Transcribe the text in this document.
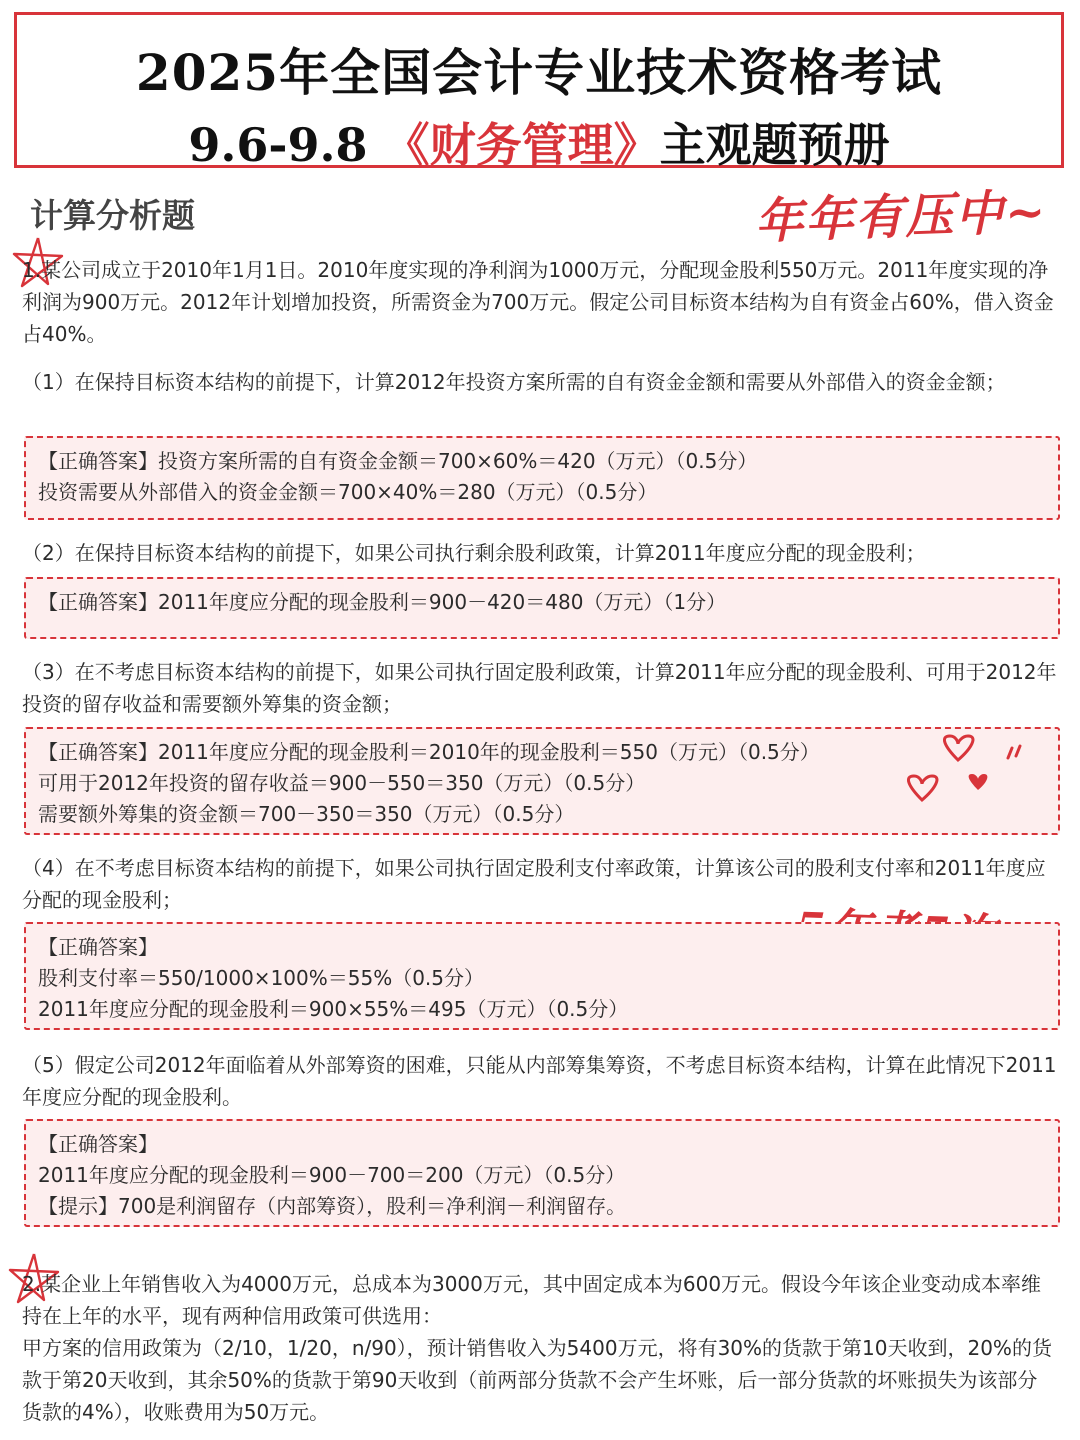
2025年全国会计专业技术资格考试
9.6-9.8 《财务管理》主观题预册
计算分析题	年年有压中~
1.某公司成立于2010年1月1日。2010年度实现的净利润为1000万元，分配现金股利550万元。2011年度实现的净利润为900万元。2012年计划增加投资，所需资金为700万元。假定公司目标资本结构为自有资金占60%，借入资金占40%。
（1）在保持目标资本结构的前提下，计算2012年投资方案所需的自有资金金额和需要从外部借入的资金金额；
【正确答案】投资方案所需的自有资金金额＝700×60%＝420（万元）（0.5分）
投资需要从外部借入的资金金额＝700×40%＝280（万元）（0.5分）
（2）在保持目标资本结构的前提下，如果公司执行剩余股利政策，计算2011年度应分配的现金股利；
【正确答案】2011年度应分配的现金股利＝900－420＝480（万元）（1分）
（3）在不考虑目标资本结构的前提下，如果公司执行固定股利政策，计算2011年应分配的现金股利、可用于2012年投资的留存收益和需要额外筹集的资金额；
【正确答案】2011年度应分配的现金股利＝2010年的现金股利＝550（万元）（0.5分）
可用于2012年投资的留存收益＝900－550＝350（万元）（0.5分）
需要额外筹集的资金额＝700－350＝350（万元）（0.5分）
（4）在不考虑目标资本结构的前提下，如果公司执行固定股利支付率政策，计算该公司的股利支付率和2011年度应分配的现金股利；
【正确答案】
股利支付率＝550/1000×100%＝55%（0.5分）
2011年度应分配的现金股利＝900×55%＝495（万元）（0.5分）
（5）假定公司2012年面临着从外部筹资的困难，只能从内部筹集筹资，不考虑目标资本结构，计算在此情况下2011年度应分配的现金股利。
【正确答案】
2011年度应分配的现金股利＝900－700＝200（万元）（0.5分）
【提示】700是利润留存（内部筹资），股利＝净利润－利润留存。
2.某企业上年销售收入为4000万元，总成本为3000万元，其中固定成本为600万元。假设今年该企业变动成本率维持在上年的水平，现有两种信用政策可供选用：
甲方案的信用政策为（2/10，1/20，n/90），预计销售收入为5400万元，将有30%的货款于第10天收到，20%的货款于第20天收到，其余50%的货款于第90天收到（前两部分货款不会产生坏账，后一部分货款的坏账损失为该部分货款的4%），收账费用为50万元。
